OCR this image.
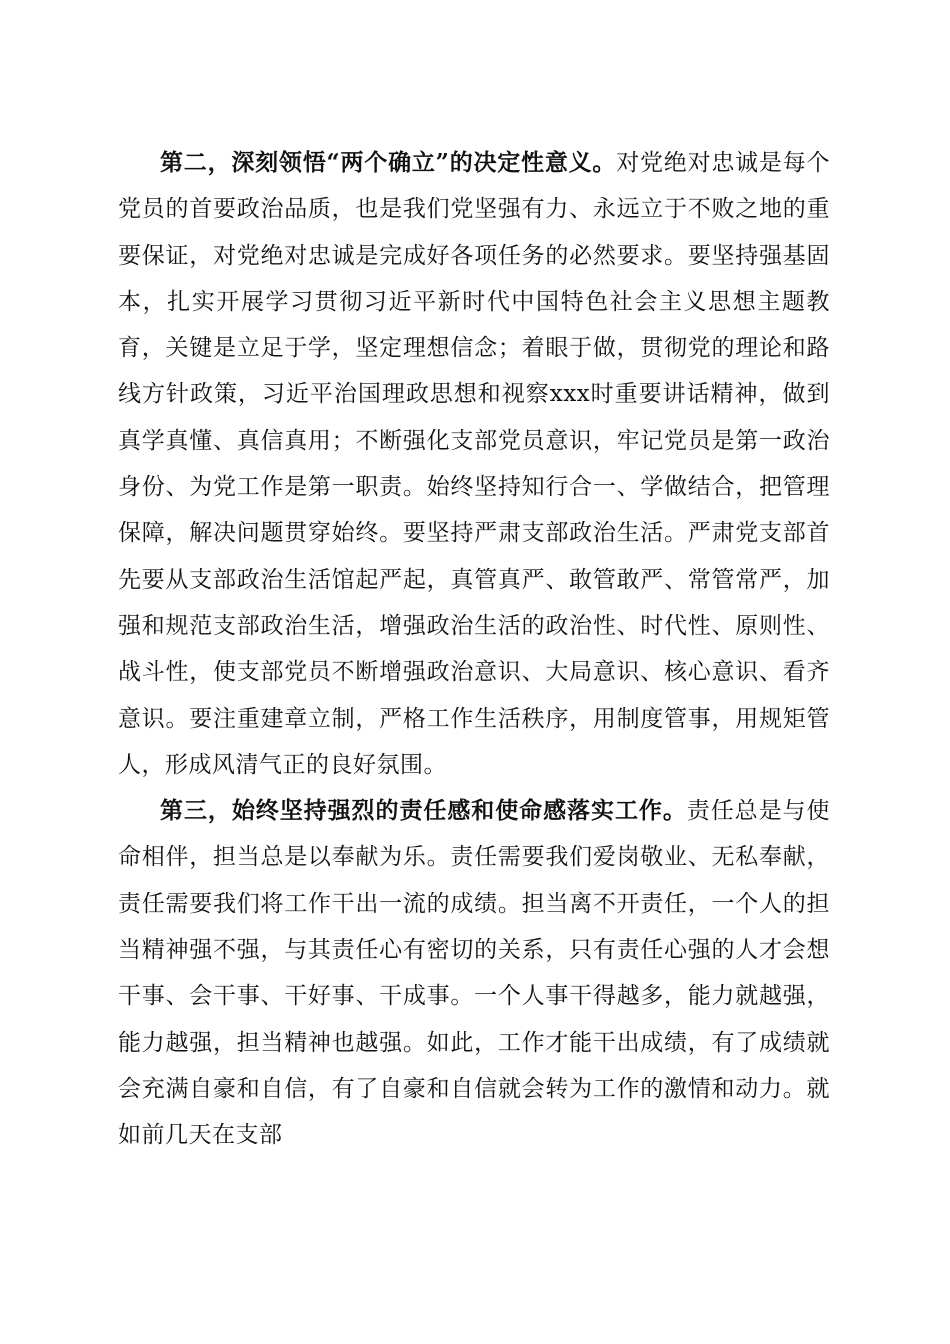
第二，深刻领悟“两个确立”的决定性意义。对党绝对忠诚是每个党员的首要政治品质，也是我们党坚强有力、永远立于不败之地的重要保证，对党绝对忠诚是完成好各项任务的必然要求。要坚持强基固本，扎实开展学习贯彻习近平新时代中国特色社会主义思想主题教育，关键是立足于学，坚定理想信念；着眼于做，贯彻党的理论和路线方针政策，习近平治国理政思想和视察xxx时重要讲话精神，做到真学真懂、真信真用；不断强化支部党员意识，牢记党员是第一政治身份、为党工作是第一职责。始终坚持知行合一、学做结合，把管理保障，解决问题贯穿始终。要坚持严肃支部政治生活。严肃党支部首先要从支部政治生活馆起严起，真管真严、敢管敢严、常管常严，加强和规范支部政治生活，增强政治生活的政治性、时代性、原则性、战斗性，使支部党员不断增强政治意识、大局意识、核心意识、看齐意识。要注重建章立制，严格工作生活秩序，用制度管事，用规矩管人，形成风清气正的良好氛围。

第三，始终坚持强烈的责任感和使命感落实工作。责任总是与使命相伴，担当总是以奉献为乐。责任需要我们爱岗敬业、无私奉献，责任需要我们将工作干出一流的成绩。担当离不开责任，一个人的担当精神强不强，与其责任心有密切的关系，只有责任心强的人才会想干事、会干事、干好事、干成事。一个人事干得越多，能力就越强，能力越强，担当精神也越强。如此，工作才能干出成绩，有了成绩就会充满自豪和自信，有了自豪和自信就会转为工作的激情和动力。就如前几天在支部
